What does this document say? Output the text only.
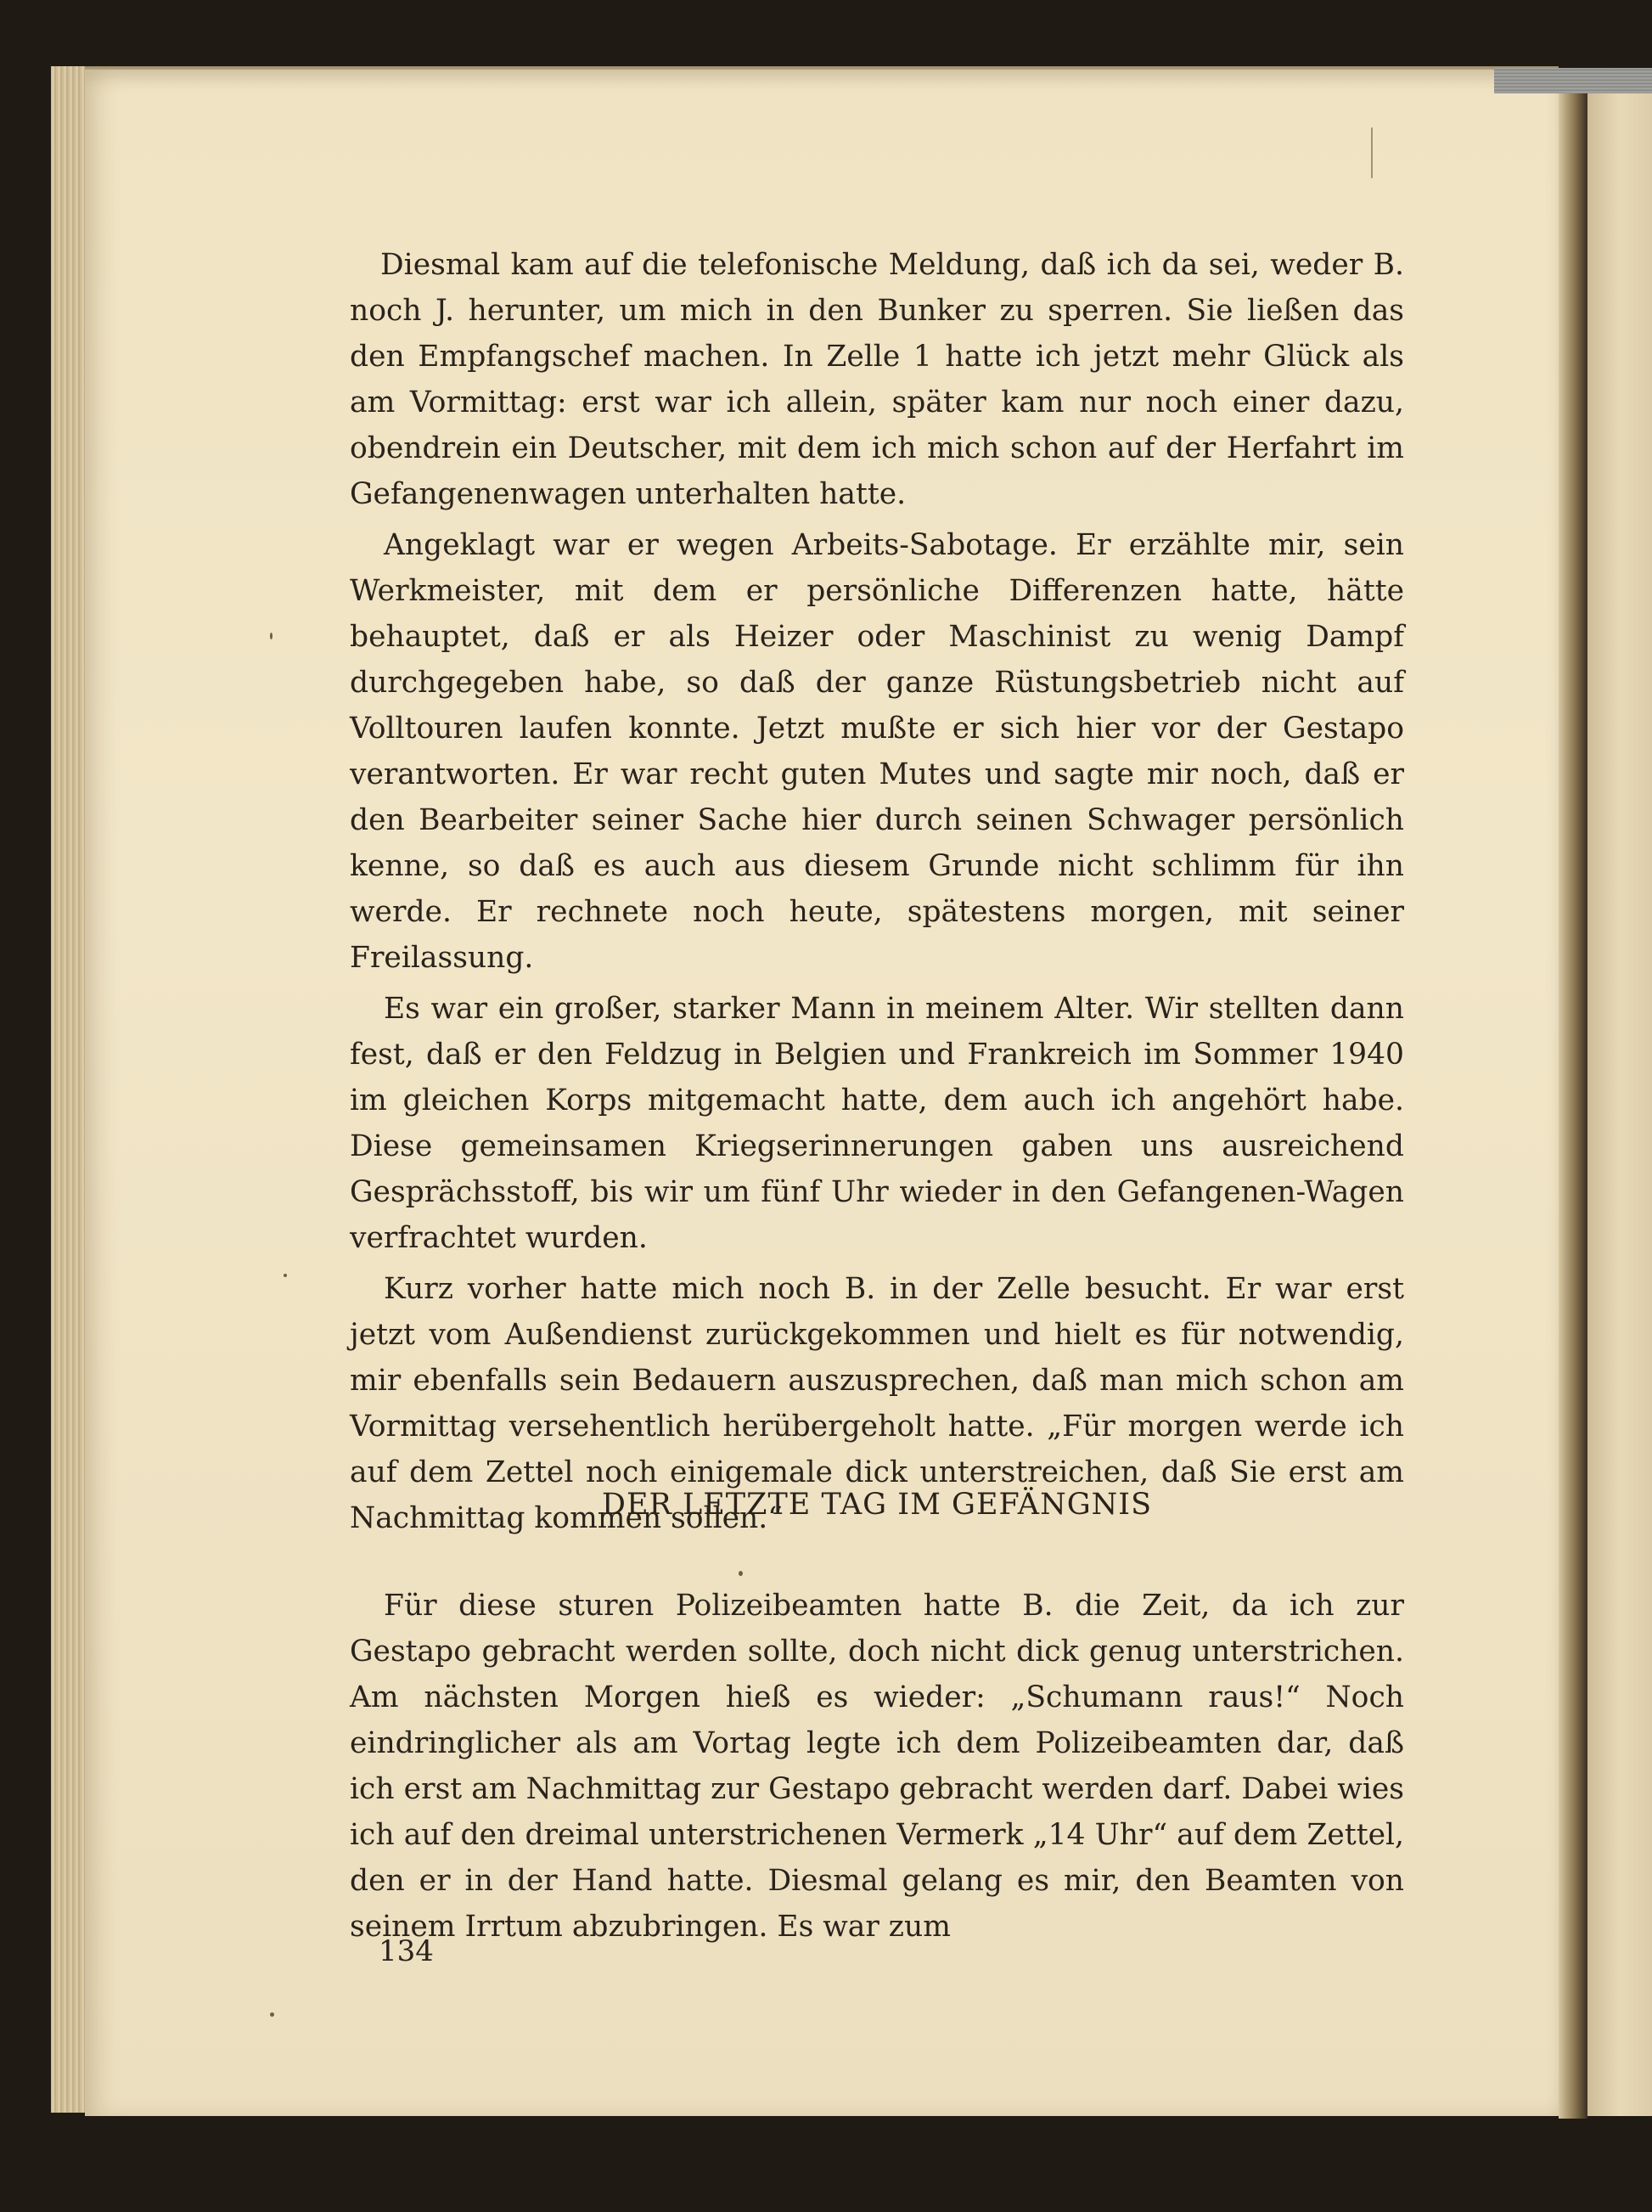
Diesmal kam auf die telefonische Meldung, daß ich da sei, weder B. noch J. herunter, um mich in den Bunker zu sperren. Sie ließen das den Empfangschef machen. In Zelle 1 hatte ich jetzt mehr Glück als am Vormittag: erst war ich allein, später kam nur noch einer dazu, obendrein ein Deutscher, mit dem ich mich schon auf der Herfahrt im Gefangenenwagen unterhalten hatte.

Angeklagt war er wegen Arbeits-Sabotage. Er erzählte mir, sein Werkmeister, mit dem er persönliche Differenzen hatte, hätte behauptet, daß er als Heizer oder Maschinist zu wenig Dampf durchgegeben habe, so daß der ganze Rüstungsbetrieb nicht auf Volltouren laufen konnte. Jetzt mußte er sich hier vor der Gestapo verantworten. Er war recht guten Mutes und sagte mir noch, daß er den Bearbeiter seiner Sache hier durch seinen Schwager persönlich kenne, so daß es auch aus diesem Grunde nicht schlimm für ihn werde. Er rechnete noch heute, spätestens morgen, mit seiner Freilassung.

Es war ein großer, starker Mann in meinem Alter. Wir stellten dann fest, daß er den Feldzug in Belgien und Frankreich im Sommer 1940 im gleichen Korps mitgemacht hatte, dem auch ich angehört habe. Diese gemeinsamen Kriegserinnerungen gaben uns ausreichend Gesprächsstoff, bis wir um fünf Uhr wieder in den Gefangenen-Wagen verfrachtet wurden.

Kurz vorher hatte mich noch B. in der Zelle besucht. Er war erst jetzt vom Außendienst zurückgekommen und hielt es für notwendig, mir ebenfalls sein Bedauern auszusprechen, daß man mich schon am Vormittag versehentlich herübergeholt hatte. „Für morgen werde ich auf dem Zettel noch einigemale dick unterstreichen, daß Sie erst am Nachmittag kommen sollen.“

DER LETZTE TAG IM GEFÄNGNIS

Für diese sturen Polizeibeamten hatte B. die Zeit, da ich zur Gestapo gebracht werden sollte, doch nicht dick genug unterstrichen. Am nächsten Morgen hieß es wieder: „Schumann raus!“ Noch eindringlicher als am Vortag legte ich dem Polizeibeamten dar, daß ich erst am Nachmittag zur Gestapo gebracht werden darf. Dabei wies ich auf den dreimal unterstrichenen Vermerk „14 Uhr“ auf dem Zettel, den er in der Hand hatte. Diesmal gelang es mir, den Beamten von seinem Irrtum abzubringen. Es war zum

134
